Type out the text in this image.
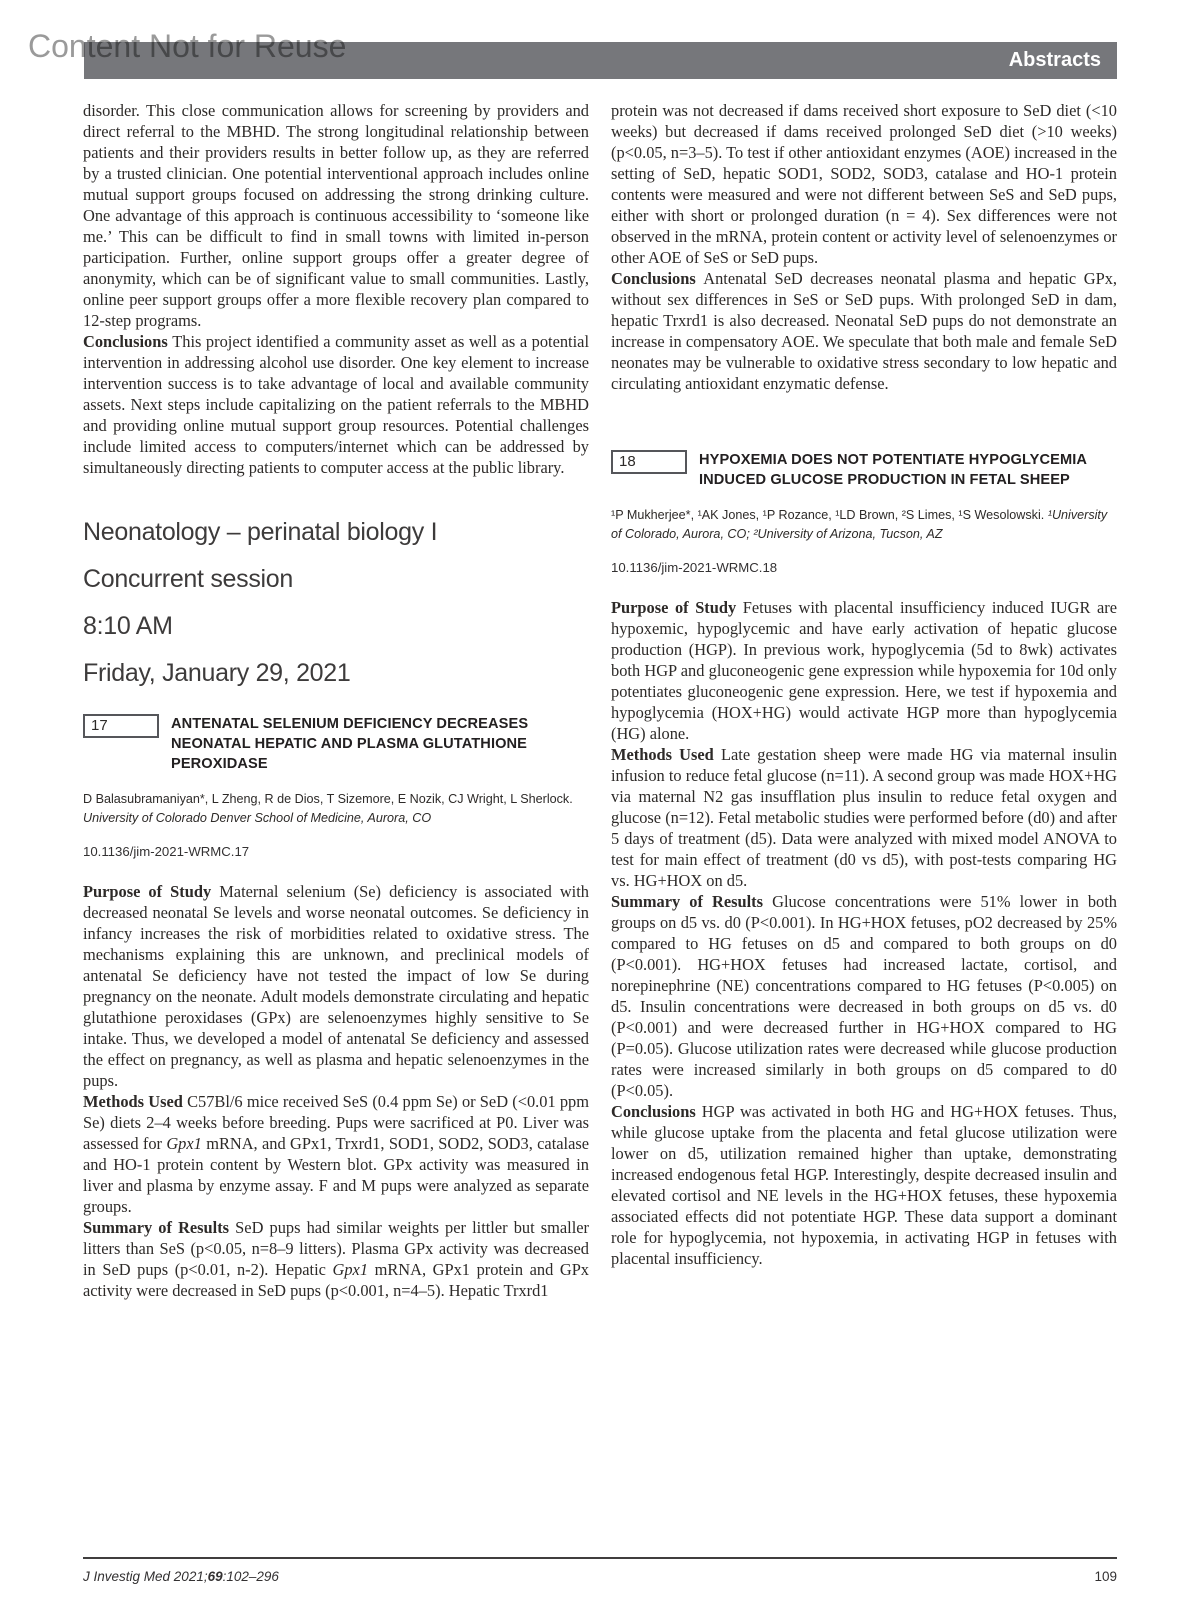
Content Not for Reuse	Abstracts

disorder. This close communication allows for screening by providers and direct referral to the MBHD. The strong longitudinal relationship between patients and their providers results in better follow up, as they are referred by a trusted clinician. One potential interventional approach includes online mutual support groups focused on addressing the strong drinking culture. One advantage of this approach is continuous accessibility to ‘someone like me.’ This can be difficult to find in small towns with limited in-person participation. Further, online support groups offer a greater degree of anonymity, which can be of significant value to small communities. Lastly, online peer support groups offer a more flexible recovery plan compared to 12-step programs.

Conclusions This project identified a community asset as well as a potential intervention in addressing alcohol use disorder. One key element to increase intervention success is to take advantage of local and available community assets. Next steps include capitalizing on the patient referrals to the MBHD and providing online mutual support group resources. Potential challenges include limited access to computers/internet which can be addressed by simultaneously directing patients to computer access at the public library.

Neonatology – perinatal biology I

Concurrent session

8:10 AM

Friday, January 29, 2021

17	ANTENATAL SELENIUM DEFICIENCY DECREASES NEONATAL HEPATIC AND PLASMA GLUTATHIONE PEROXIDASE

D Balasubramaniyan*, L Zheng, R de Dios, T Sizemore, E Nozik, CJ Wright, L Sherlock. University of Colorado Denver School of Medicine, Aurora, CO

10.1136/jim-2021-WRMC.17

Purpose of Study Maternal selenium (Se) deficiency is associated with decreased neonatal Se levels and worse neonatal outcomes. Se deficiency in infancy increases the risk of morbidities related to oxidative stress. The mechanisms explaining this are unknown, and preclinical models of antenatal Se deficiency have not tested the impact of low Se during pregnancy on the neonate. Adult models demonstrate circulating and hepatic glutathione peroxidases (GPx) are selenoenzymes highly sensitive to Se intake. Thus, we developed a model of antenatal Se deficiency and assessed the effect on pregnancy, as well as plasma and hepatic selenoenzymes in the pups.

Methods Used C57Bl/6 mice received SeS (0.4 ppm Se) or SeD (<0.01 ppm Se) diets 2–4 weeks before breeding. Pups were sacrificed at P0. Liver was assessed for Gpx1 mRNA, and GPx1, Trxrd1, SOD1, SOD2, SOD3, catalase and HO-1 protein content by Western blot. GPx activity was measured in liver and plasma by enzyme assay. F and M pups were analyzed as separate groups.

Summary of Results SeD pups had similar weights per littler but smaller litters than SeS (p<0.05, n=8–9 litters). Plasma GPx activity was decreased in SeD pups (p<0.01, n-2). Hepatic Gpx1 mRNA, GPx1 protein and GPx activity were decreased in SeD pups (p<0.001, n=4–5). Hepatic Trxrd1

protein was not decreased if dams received short exposure to SeD diet (<10 weeks) but decreased if dams received prolonged SeD diet (>10 weeks) (p<0.05, n=3–5). To test if other antioxidant enzymes (AOE) increased in the setting of SeD, hepatic SOD1, SOD2, SOD3, catalase and HO-1 protein contents were measured and were not different between SeS and SeD pups, either with short or prolonged duration (n = 4). Sex differences were not observed in the mRNA, protein content or activity level of selenoenzymes or other AOE of SeS or SeD pups.

Conclusions Antenatal SeD decreases neonatal plasma and hepatic GPx, without sex differences in SeS or SeD pups. With prolonged SeD in dam, hepatic Trxrd1 is also decreased. Neonatal SeD pups do not demonstrate an increase in compensatory AOE. We speculate that both male and female SeD neonates may be vulnerable to oxidative stress secondary to low hepatic and circulating antioxidant enzymatic defense.

18	HYPOXEMIA DOES NOT POTENTIATE HYPOGLYCEMIA INDUCED GLUCOSE PRODUCTION IN FETAL SHEEP

¹P Mukherjee*, ¹AK Jones, ¹P Rozance, ¹LD Brown, ²S Limes, ¹S Wesolowski. ¹University of Colorado, Aurora, CO; ²University of Arizona, Tucson, AZ

10.1136/jim-2021-WRMC.18

Purpose of Study Fetuses with placental insufficiency induced IUGR are hypoxemic, hypoglycemic and have early activation of hepatic glucose production (HGP). In previous work, hypoglycemia (5d to 8wk) activates both HGP and gluconeogenic gene expression while hypoxemia for 10d only potentiates gluconeogenic gene expression. Here, we test if hypoxemia and hypoglycemia (HOX+HG) would activate HGP more than hypoglycemia (HG) alone.

Methods Used Late gestation sheep were made HG via maternal insulin infusion to reduce fetal glucose (n=11). A second group was made HOX+HG via maternal N2 gas insufflation plus insulin to reduce fetal oxygen and glucose (n=12). Fetal metabolic studies were performed before (d0) and after 5 days of treatment (d5). Data were analyzed with mixed model ANOVA to test for main effect of treatment (d0 vs d5), with post-tests comparing HG vs. HG+HOX on d5.

Summary of Results Glucose concentrations were 51% lower in both groups on d5 vs. d0 (P<0.001). In HG+HOX fetuses, pO2 decreased by 25% compared to HG fetuses on d5 and compared to both groups on d0 (P<0.001). HG+HOX fetuses had increased lactate, cortisol, and norepinephrine (NE) concentrations compared to HG fetuses (P<0.005) on d5. Insulin concentrations were decreased in both groups on d5 vs. d0 (P<0.001) and were decreased further in HG+HOX compared to HG (P=0.05). Glucose utilization rates were decreased while glucose production rates were increased similarly in both groups on d5 compared to d0 (P<0.05).

Conclusions HGP was activated in both HG and HG+HOX fetuses. Thus, while glucose uptake from the placenta and fetal glucose utilization were lower on d5, utilization remained higher than uptake, demonstrating increased endogenous fetal HGP. Interestingly, despite decreased insulin and elevated cortisol and NE levels in the HG+HOX fetuses, these hypoxemia associated effects did not potentiate HGP. These data support a dominant role for hypoglycemia, not hypoxemia, in activating HGP in fetuses with placental insufficiency.

J Investig Med 2021;69:102–296	109
